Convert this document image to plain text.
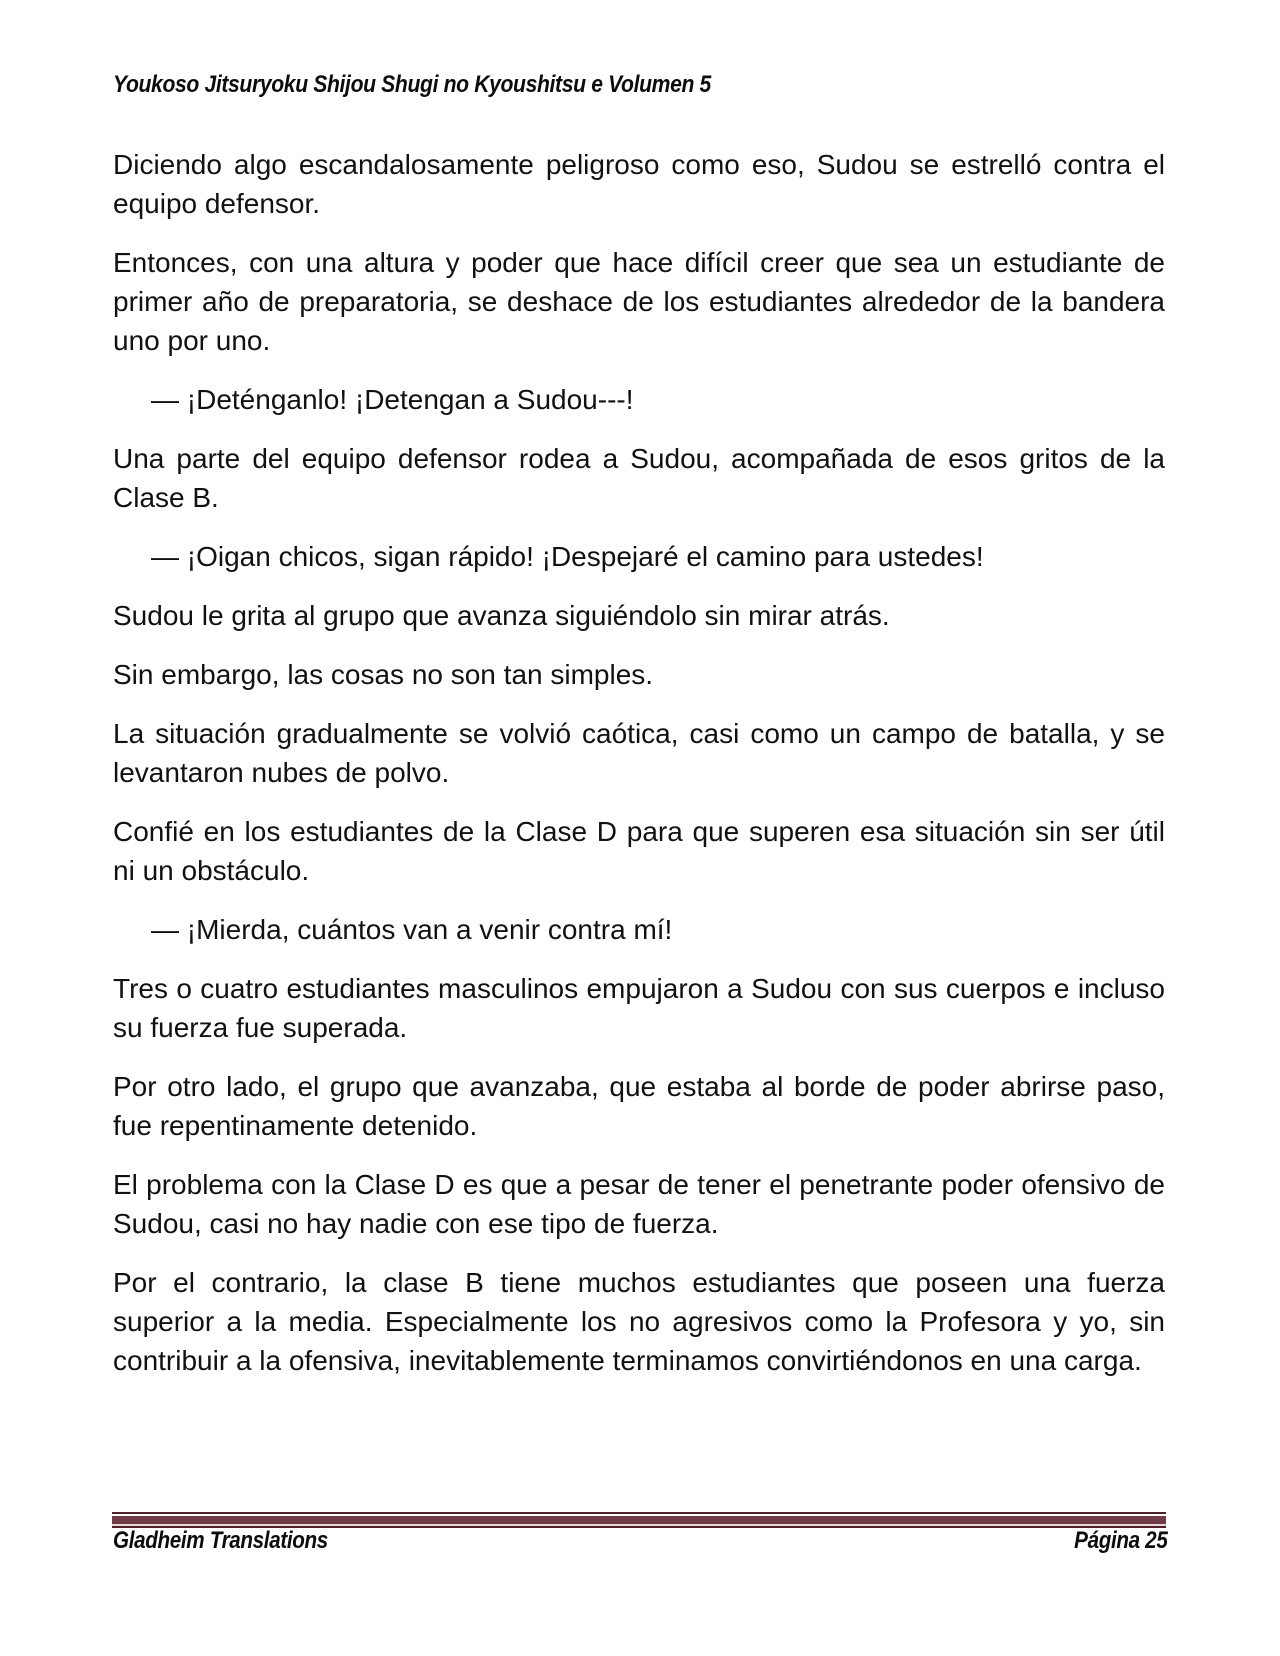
Youkoso Jitsuryoku Shijou Shugi no Kyoushitsu e Volumen 5

Diciendo algo escandalosamente peligroso como eso, Sudou se estrelló contra el equipo defensor.

Entonces, con una altura y poder que hace difícil creer que sea un estudiante de primer año de preparatoria, se deshace de los estudiantes alrededor de la bandera uno por uno.

— ¡Deténganlo! ¡Detengan a Sudou---!

Una parte del equipo defensor rodea a Sudou, acompañada de esos gritos de la Clase B.

— ¡Oigan chicos, sigan rápido! ¡Despejaré el camino para ustedes!

Sudou le grita al grupo que avanza siguiéndolo sin mirar atrás.

Sin embargo, las cosas no son tan simples.

La situación gradualmente se volvió caótica, casi como un campo de batalla, y se levantaron nubes de polvo.

Confié en los estudiantes de la Clase D para que superen esa situación sin ser útil ni un obstáculo.

— ¡Mierda, cuántos van a venir contra mí!

Tres o cuatro estudiantes masculinos empujaron a Sudou con sus cuerpos e incluso su fuerza fue superada.

Por otro lado, el grupo que avanzaba, que estaba al borde de poder abrirse paso, fue repentinamente detenido.

El problema con la Clase D es que a pesar de tener el penetrante poder ofensivo de Sudou, casi no hay nadie con ese tipo de fuerza.

Por el contrario, la clase B tiene muchos estudiantes que poseen una fuerza superior a la media. Especialmente los no agresivos como la Profesora y yo, sin contribuir a la ofensiva, inevitablemente terminamos convirtiéndonos en una carga.

Gladheim Translations	Página 25
